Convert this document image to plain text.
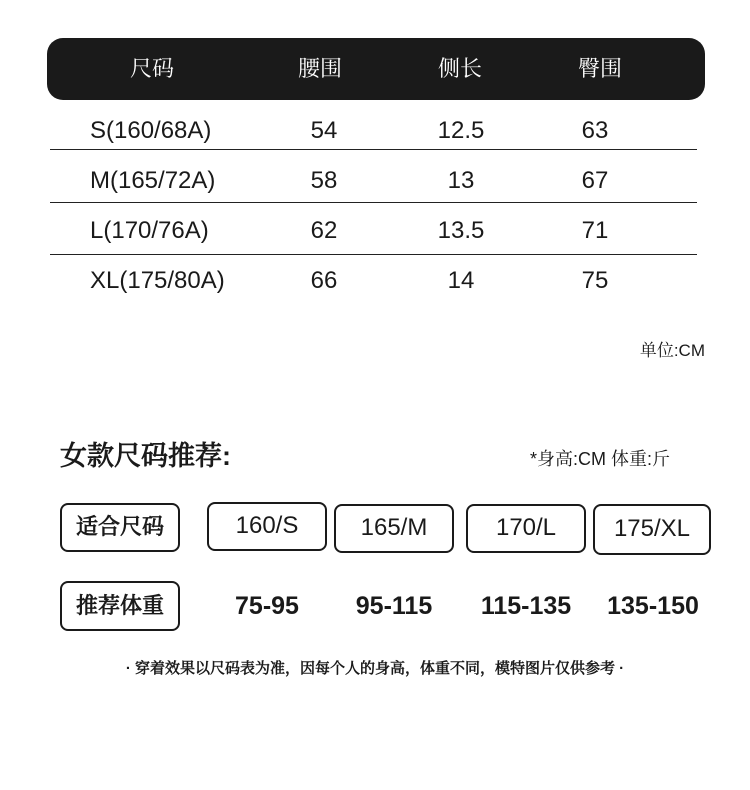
尺码	腰围	侧长	臀围
S(160/68A)	54	12.5	63
M(165/72A)	58	13	67
L(170/76A)	62	13.5	71
XL(175/80A)	66	14	75
单位:CM
女款尺码推荐:	*身高:CM 体重:斤
适合尺码	160/S	165/M	170/L	175/XL
推荐体重	75-95	95-115	115-135	135-150
· 穿着效果以尺码表为准，因每个人的身高，体重不同，模特图片仅供参考 ·
